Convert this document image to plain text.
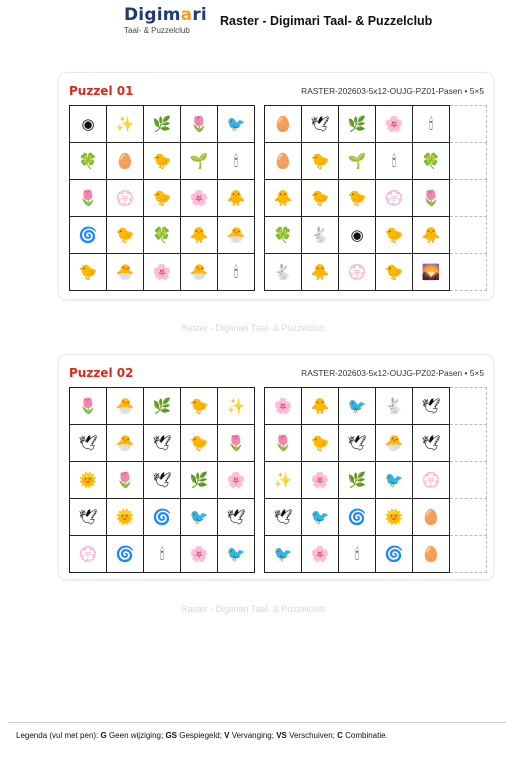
Digimari
Taal- & Puzzelclub
Raster - Digimari Taal- & Puzzelclub
Puzzel 01	RASTER-202603-5x12-OUJG-PZ01-Pasen • 5×5
◉	✨	🌿	🌷	🐦
🍀	🥚	🐤	🌱	🕯
🌷	💮	🐤	🌸	🐥
🌀	🐤	🍀	🐥	🐣
🐤	🐣	🌸	🐣	🕯
🥚	🕊	🌿	🌸	🕯	
🥚	🐤	🌱	🕯	🍀	
🐥	🐤	🐤	💮	🌷	
🍀	🐇	◉	🐤	🐥	
🐇	🐥	💮	🐤	🌄	
Raster - Digimari Taal- & Puzzelclub
Puzzel 02	RASTER-202603-5x12-OUJG-PZ02-Pasen • 5×5
🌷	🐣	🌿	🐤	✨
🕊	🐣	🕊	🐤	🌷
🌞	🌷	🕊	🌿	🌸
🕊	🌞	🌀	🐦	🕊
💮	🌀	🕯	🌸	🐦
🌸	🐥	🐦	🐇	🕊	
🌷	🐤	🕊	🐣	🕊	
✨	🌸	🌿	🐦	💮	
🕊	🐦	🌀	🌞	🥚	
🐦	🌸	🕯	🌀	🥚	
Raster - Digimari Taal- & Puzzelclub
Legenda (vul met pen): G Geen wijziging; GS Gespiegeld; V Vervanging; VS Verschuiven; C Combinatie.
